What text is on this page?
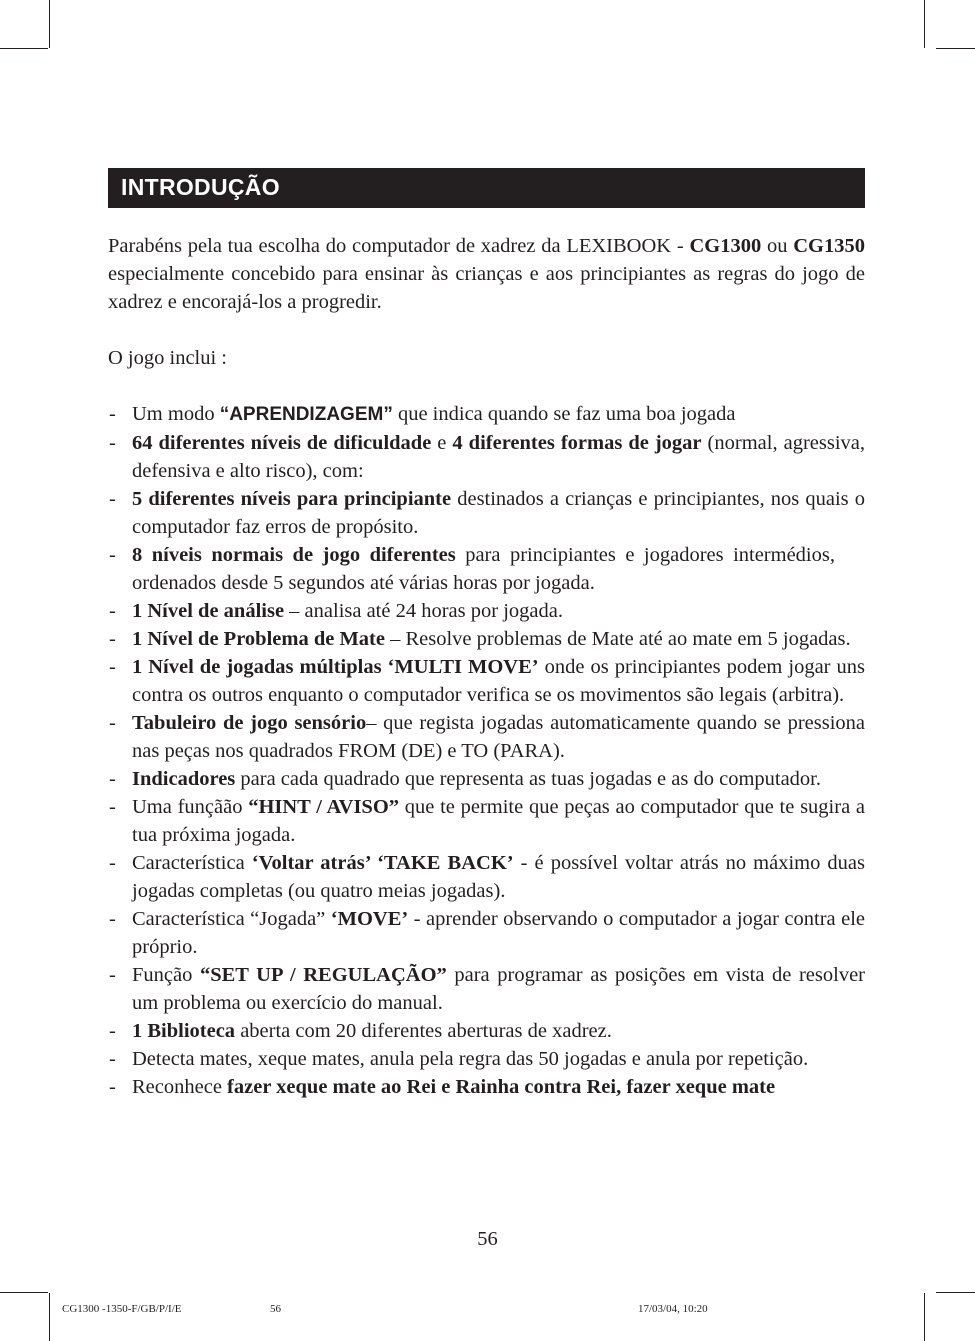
INTRODUÇÃO

Parabéns pela tua escolha do computador de xadrez da LEXIBOOK - CG1300 ou CG1350 especialmente concebido para ensinar às crianças e aos principiantes as regras do jogo de xadrez e encorajá-los a progredir.

O jogo inclui :

- Um modo “APRENDIZAGEM” que indica quando se faz uma boa jogada
- 64 diferentes níveis de dificuldade e 4 diferentes formas de jogar (normal, agressiva, defensiva e alto risco), com:
- 5 diferentes níveis para principiante destinados a crianças e principiantes, nos quais o computador faz erros de propósito.
- 8 níveis normais de jogo diferentes para principiantes e jogadores intermédios,ordenados desde 5 segundos até várias horas por jogada.
- 1 Nível de análise – analisa até 24 horas por jogada.
- 1 Nível de Problema de Mate – Resolve problemas de Mate até ao mate em 5 jogadas.
- 1 Nível de jogadas múltiplas ‘MULTI MOVE’ onde os principiantes podem jogar uns contra os outros enquanto o computador verifica se os movimentos são legais (arbitra).
- Tabuleiro de jogo sensório– que regista jogadas automaticamente quando se pressiona nas peças nos quadrados FROM (DE) e TO (PARA).
- Indicadores para cada quadrado que representa as tuas jogadas e as do computador.
- Uma funçãão “HINT / AVISO” que te permite que peças ao computador que te sugira a tua próxima jogada.
- Característica ‘Voltar atrás’ ‘TAKE BACK’ - é possível voltar atrás no máximo duas jogadas completas (ou quatro meias jogadas).
- Característica “Jogada” ‘MOVE’ - aprender observando o computador a jogar contra ele próprio.
- Função “SET UP / REGULAÇÃO” para programar as posições em vista de resolver um problema ou exercício do manual.
- 1 Biblioteca aberta com 20 diferentes aberturas de xadrez.
- Detecta mates, xeque mates, anula pela regra das 50 jogadas e anula por repetição.
- Reconhece fazer xeque mate ao Rei e Rainha contra Rei, fazer xeque mate
56
CG1300 -1350-F/GB/P/I/E	56	17/03/04, 10:20
